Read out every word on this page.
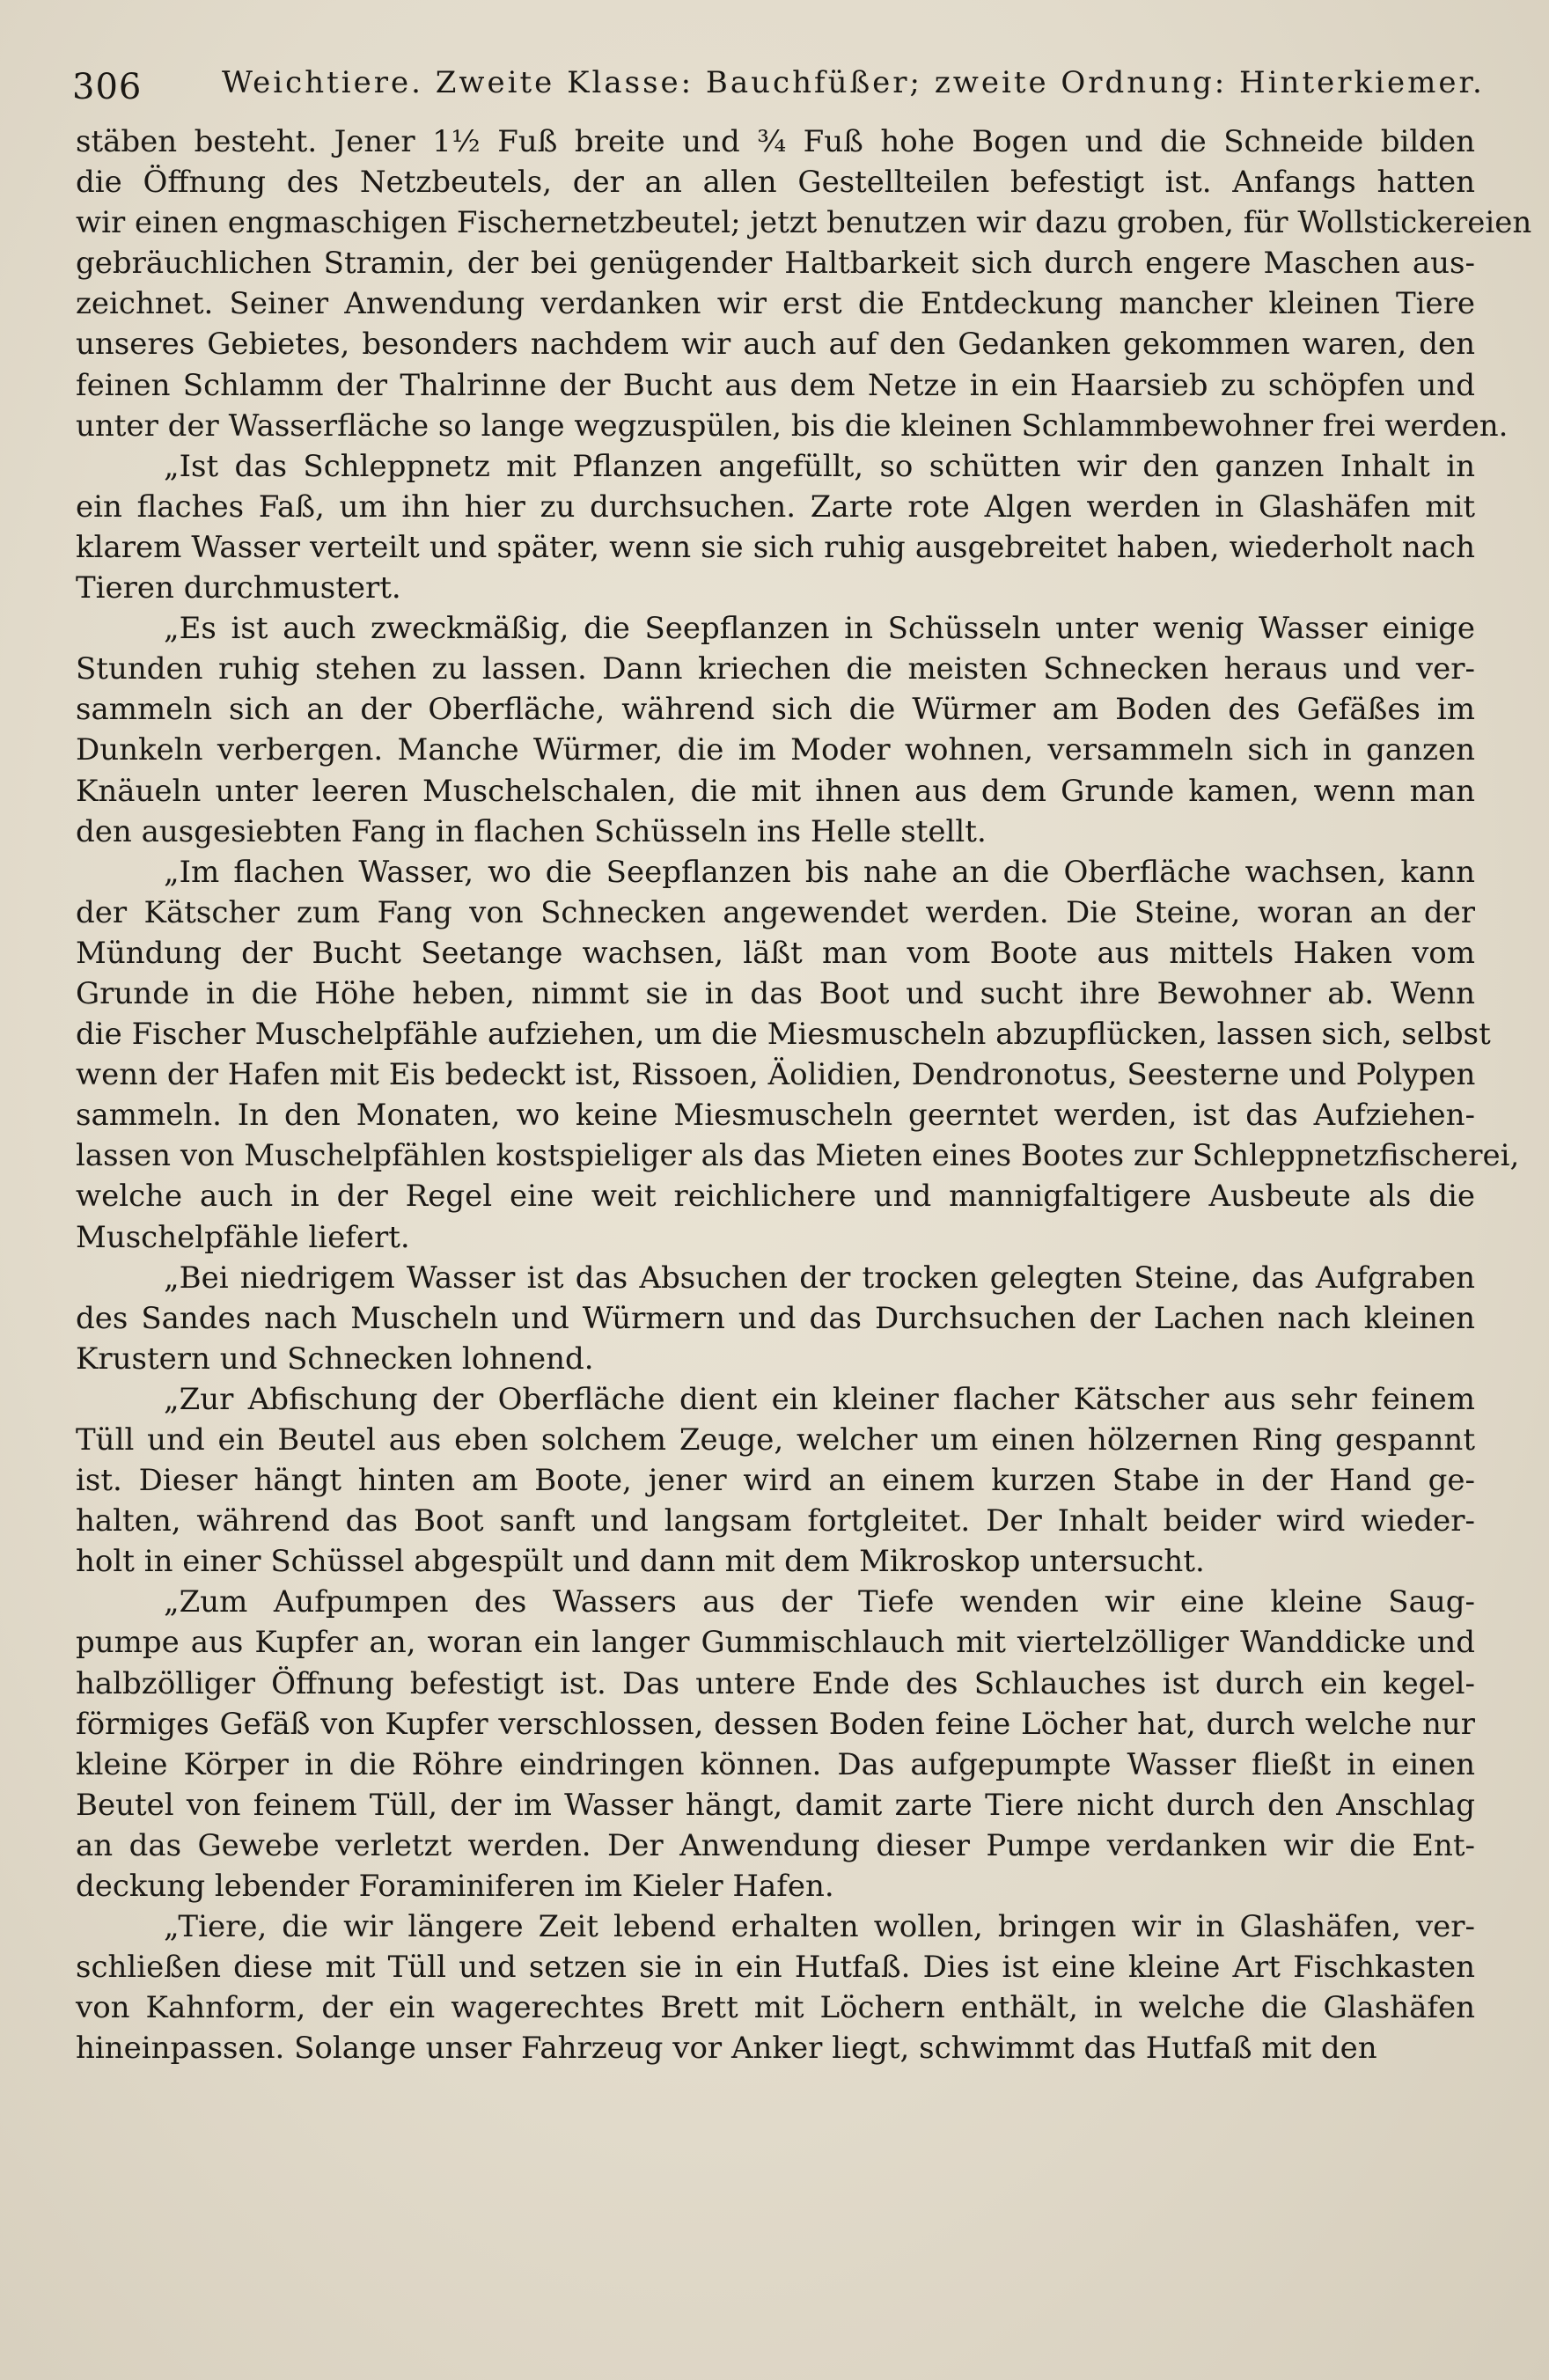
306	Weichtiere. Zweite Klasse: Bauchfüßer; zweite Ordnung: Hinterkiemer.
stäben besteht. Jener 1½ Fuß breite und ¾ Fuß hohe Bogen und die Schneide bilden
die Öffnung des Netzbeutels, der an allen Gestellteilen befestigt ist. Anfangs hatten
wir einen engmaschigen Fischernetzbeutel; jetzt benutzen wir dazu groben, für Wollstickereien
gebräuchlichen Stramin, der bei genügender Haltbarkeit sich durch engere Maschen aus-
zeichnet. Seiner Anwendung verdanken wir erst die Entdeckung mancher kleinen Tiere
unseres Gebietes, besonders nachdem wir auch auf den Gedanken gekommen waren, den
feinen Schlamm der Thalrinne der Bucht aus dem Netze in ein Haarsieb zu schöpfen und
unter der Wasserfläche so lange wegzuspülen, bis die kleinen Schlammbewohner frei werden.
„Ist das Schleppnetz mit Pflanzen angefüllt, so schütten wir den ganzen Inhalt in
ein flaches Faß, um ihn hier zu durchsuchen. Zarte rote Algen werden in Glashäfen mit
klarem Wasser verteilt und später, wenn sie sich ruhig ausgebreitet haben, wiederholt nach
Tieren durchmustert.
„Es ist auch zweckmäßig, die Seepflanzen in Schüsseln unter wenig Wasser einige
Stunden ruhig stehen zu lassen. Dann kriechen die meisten Schnecken heraus und ver-
sammeln sich an der Oberfläche, während sich die Würmer am Boden des Gefäßes im
Dunkeln verbergen. Manche Würmer, die im Moder wohnen, versammeln sich in ganzen
Knäueln unter leeren Muschelschalen, die mit ihnen aus dem Grunde kamen, wenn man
den ausgesiebten Fang in flachen Schüsseln ins Helle stellt.
„Im flachen Wasser, wo die Seepflanzen bis nahe an die Oberfläche wachsen, kann
der Kätscher zum Fang von Schnecken angewendet werden. Die Steine, woran an der
Mündung der Bucht Seetange wachsen, läßt man vom Boote aus mittels Haken vom
Grunde in die Höhe heben, nimmt sie in das Boot und sucht ihre Bewohner ab. Wenn
die Fischer Muschelpfähle aufziehen, um die Miesmuscheln abzupflücken, lassen sich, selbst
wenn der Hafen mit Eis bedeckt ist, Rissoen, Äolidien, Dendronotus, Seesterne und Polypen
sammeln. In den Monaten, wo keine Miesmuscheln geerntet werden, ist das Aufziehen-
lassen von Muschelpfählen kostspieliger als das Mieten eines Bootes zur Schleppnetzfischerei,
welche auch in der Regel eine weit reichlichere und mannigfaltigere Ausbeute als die
Muschelpfähle liefert.
„Bei niedrigem Wasser ist das Absuchen der trocken gelegten Steine, das Aufgraben
des Sandes nach Muscheln und Würmern und das Durchsuchen der Lachen nach kleinen
Krustern und Schnecken lohnend.
„Zur Abfischung der Oberfläche dient ein kleiner flacher Kätscher aus sehr feinem
Tüll und ein Beutel aus eben solchem Zeuge, welcher um einen hölzernen Ring gespannt
ist. Dieser hängt hinten am Boote, jener wird an einem kurzen Stabe in der Hand ge-
halten, während das Boot sanft und langsam fortgleitet. Der Inhalt beider wird wieder-
holt in einer Schüssel abgespült und dann mit dem Mikroskop untersucht.
„Zum Aufpumpen des Wassers aus der Tiefe wenden wir eine kleine Saug-
pumpe aus Kupfer an, woran ein langer Gummischlauch mit viertelzölliger Wanddicke und
halbzölliger Öffnung befestigt ist. Das untere Ende des Schlauches ist durch ein kegel-
förmiges Gefäß von Kupfer verschlossen, dessen Boden feine Löcher hat, durch welche nur
kleine Körper in die Röhre eindringen können. Das aufgepumpte Wasser fließt in einen
Beutel von feinem Tüll, der im Wasser hängt, damit zarte Tiere nicht durch den Anschlag
an das Gewebe verletzt werden. Der Anwendung dieser Pumpe verdanken wir die Ent-
deckung lebender Foraminiferen im Kieler Hafen.
„Tiere, die wir längere Zeit lebend erhalten wollen, bringen wir in Glashäfen, ver-
schließen diese mit Tüll und setzen sie in ein Hutfaß. Dies ist eine kleine Art Fischkasten
von Kahnform, der ein wagerechtes Brett mit Löchern enthält, in welche die Glashäfen
hineinpassen. Solange unser Fahrzeug vor Anker liegt, schwimmt das Hutfaß mit den
